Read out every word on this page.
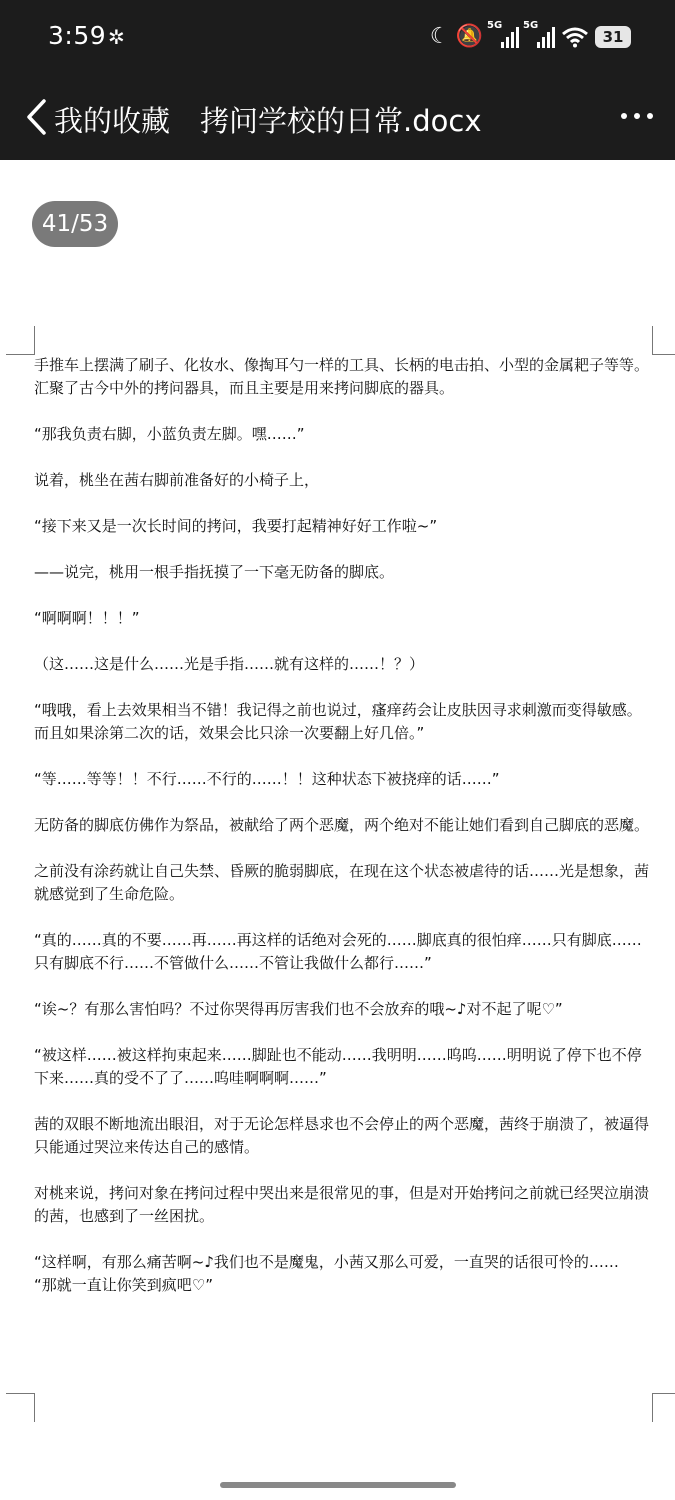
3:59 ✲	☾ 🔕 5G 5G
31
我的收藏 拷问学校的日常.docx
41/53

手推车上摆满了刷子、化妆水、像掏耳勺一样的工具、长柄的电击拍、小型的金属耙子等等。汇聚了古今中外的拷问器具，而且主要是用来拷问脚底的器具。

“那我负责右脚，小蓝负责左脚。嘿……”

说着，桃坐在茜右脚前准备好的小椅子上，

“接下来又是一次长时间的拷问，我要打起精神好好工作啦~”

——说完，桃用一根手指抚摸了一下毫无防备的脚底。

“啊啊啊！！！”

（这……这是什么……光是手指……就有这样的……！？）

“哦哦，看上去效果相当不错！我记得之前也说过，瘙痒药会让皮肤因寻求刺激而变得敏感。而且如果涂第二次的话，效果会比只涂一次要翻上好几倍。”

“等……等等！！不行……不行的……！！这种状态下被挠痒的话……”

无防备的脚底仿佛作为祭品，被献给了两个恶魔，两个绝对不能让她们看到自己脚底的恶魔。

之前没有涂药就让自己失禁、昏厥的脆弱脚底，在现在这个状态被虐待的话……光是想象，茜就感觉到了生命危险。

“真的……真的不要……再……再这样的话绝对会死的……脚底真的很怕痒……只有脚底……只有脚底不行……不管做什么……不管让我做什么都行……”

“诶~？有那么害怕吗？不过你哭得再厉害我们也不会放弃的哦~♪对不起了呢♡”

“被这样……被这样拘束起来……脚趾也不能动……我明明……呜呜……明明说了停下也不停下来……真的受不了了……呜哇啊啊啊……”

茜的双眼不断地流出眼泪，对于无论怎样恳求也不会停止的两个恶魔，茜终于崩溃了，被逼得只能通过哭泣来传达自己的感情。

对桃来说，拷问对象在拷问过程中哭出来是很常见的事，但是对开始拷问之前就已经哭泣崩溃的茜，也感到了一丝困扰。

“这样啊，有那么痛苦啊~♪我们也不是魔鬼，小茜又那么可爱，一直哭的话很可怜的……
“那就一直让你笑到疯吧♡”
